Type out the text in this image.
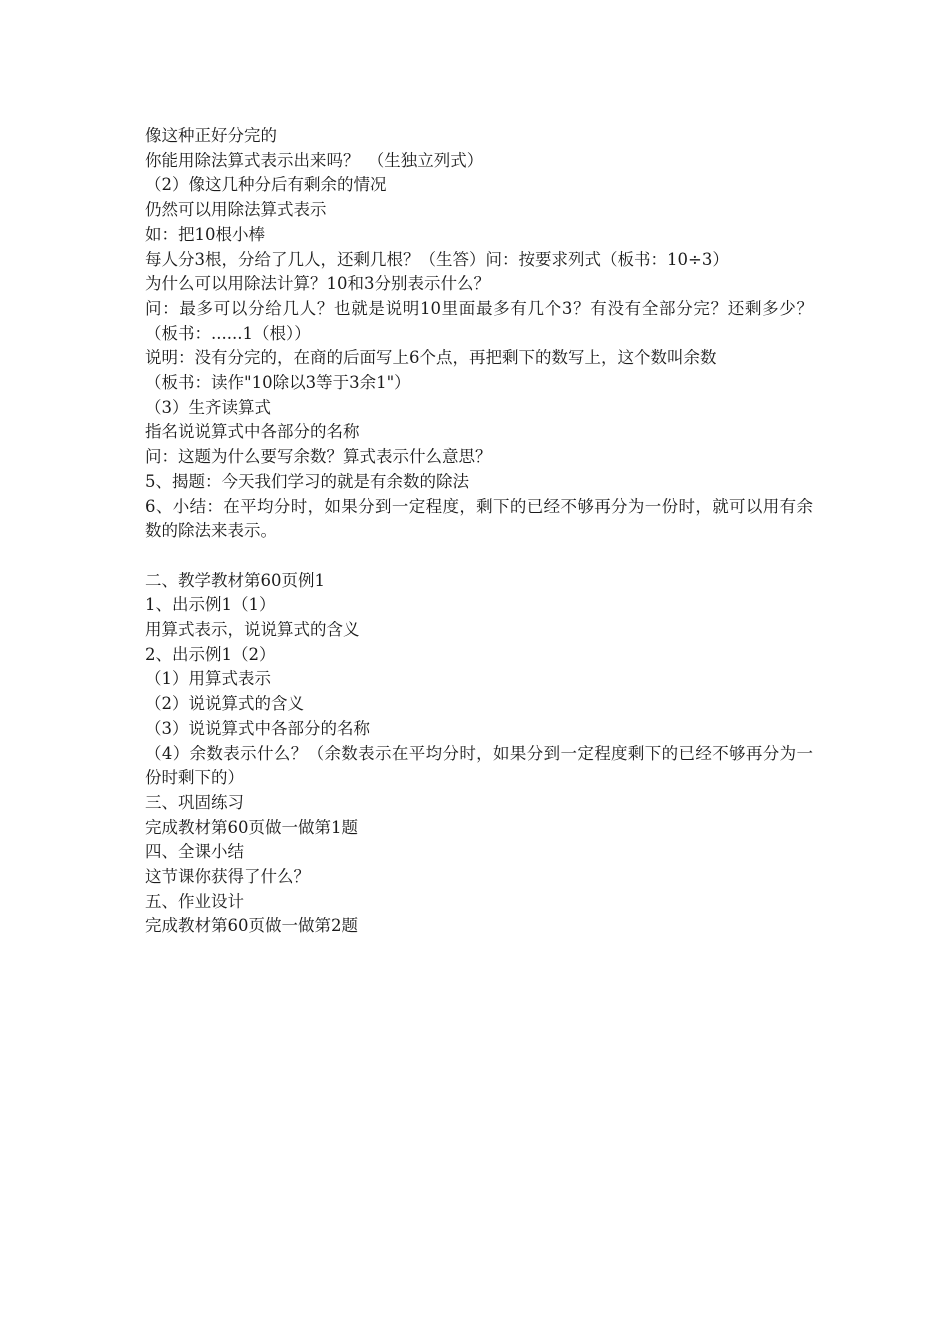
像这种正好分完的
你能用除法算式表示出来吗？　（生独立列式）
（2）像这几种分后有剩余的情况
仍然可以用除法算式表示
如：把10根小棒
每人分3根，分给了几人，还剩几根？（生答）问：按要求列式（板书：10÷3）
为什么可以用除法计算？10和3分别表示什么？
问：最多可以分给几人？也就是说明10里面最多有几个3？有没有全部分完？还剩多少？（板书：......1（根））
说明：没有分完的，在商的后面写上6个点，再把剩下的数写上，这个数叫余数
（板书：读作"10除以3等于3余1"）
（3）生齐读算式
指名说说算式中各部分的名称
问：这题为什么要写余数？算式表示什么意思？
5、揭题：今天我们学习的就是有余数的除法
6、小结：在平均分时，如果分到一定程度，剩下的已经不够再分为一份时，就可以用有余数的除法来表示。
二、教学教材第60页例1
1、出示例1（1）
用算式表示，说说算式的含义
2、出示例1（2）
（1）用算式表示
（2）说说算式的含义
（3）说说算式中各部分的名称
（4）余数表示什么？（余数表示在平均分时，如果分到一定程度剩下的已经不够再分为一份时剩下的）
三、巩固练习
完成教材第60页做一做第1题
四、全课小结
这节课你获得了什么？
五、作业设计
完成教材第60页做一做第2题
